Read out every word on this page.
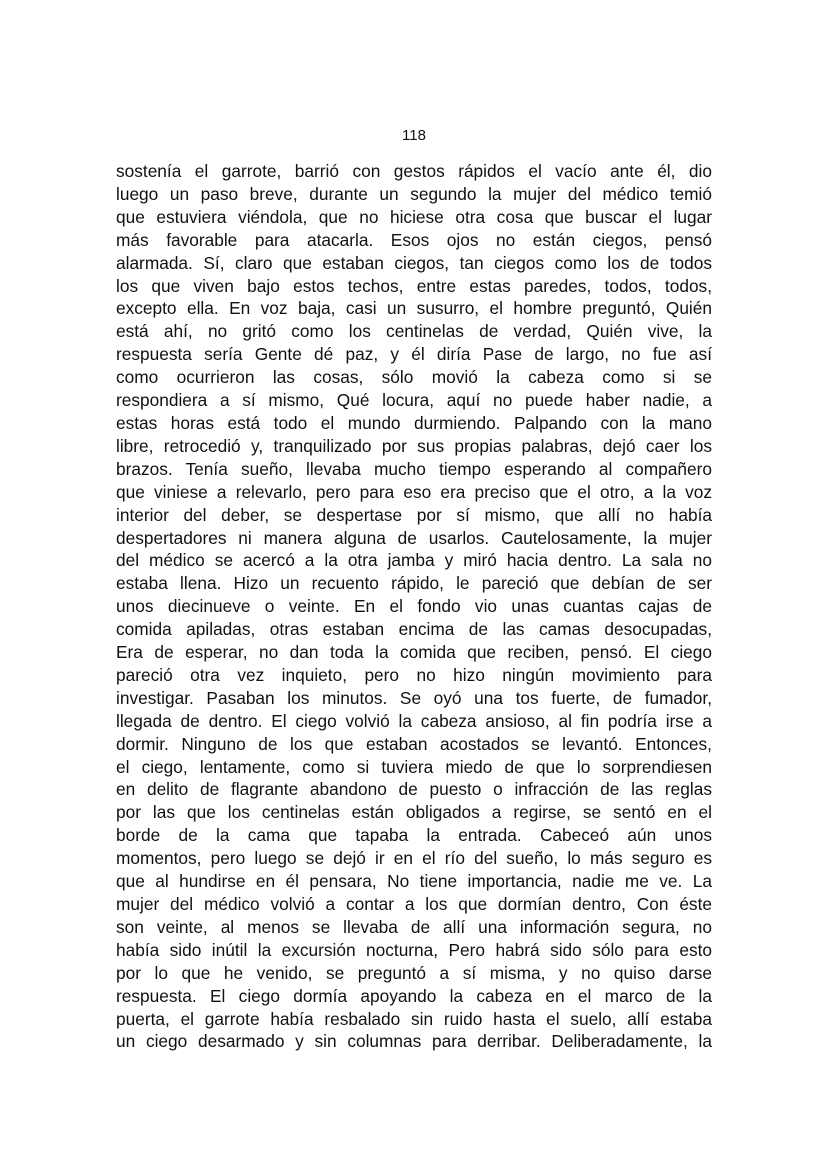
118
sostenía el garrote, barrió con gestos rápidos el vacío ante él, dio
luego un paso breve, durante un segundo la mujer del médico temió
que estuviera viéndola, que no hiciese otra cosa que buscar el lugar
más favorable para atacarla. Esos ojos no están ciegos, pensó
alarmada. Sí, claro que estaban ciegos, tan ciegos como los de todos
los que viven bajo estos techos, entre estas paredes, todos, todos,
excepto ella. En voz baja, casi un susurro, el hombre preguntó, Quién
está ahí, no gritó como los centinelas de verdad, Quién vive, la
respuesta sería Gente dé paz, y él diría Pase de largo, no fue así
como ocurrieron las cosas, sólo movió la cabeza como si se
respondiera a sí mismo, Qué locura, aquí no puede haber nadie, a
estas horas está todo el mundo durmiendo. Palpando con la mano
libre, retrocedió y, tranquilizado por sus propias palabras, dejó caer los
brazos. Tenía sueño, llevaba mucho tiempo esperando al compañero
que viniese a relevarlo, pero para eso era preciso que el otro, a la voz
interior del deber, se despertase por sí mismo, que allí no había
despertadores ni manera alguna de usarlos. Cautelosamente, la mujer
del médico se acercó a la otra jamba y miró hacia dentro. La sala no
estaba llena. Hizo un recuento rápido, le pareció que debían de ser
unos diecinueve o veinte. En el fondo vio unas cuantas cajas de
comida apiladas, otras estaban encima de las camas desocupadas,
Era de esperar, no dan toda la comida que reciben, pensó. El ciego
pareció otra vez inquieto, pero no hizo ningún movimiento para
investigar. Pasaban los minutos. Se oyó una tos fuerte, de fumador,
llegada de dentro. El ciego volvió la cabeza ansioso, al fin podría irse a
dormir. Ninguno de los que estaban acostados se levantó. Entonces,
el ciego, lentamente, como si tuviera miedo de que lo sorprendiesen
en delito de flagrante abandono de puesto o infracción de las reglas
por las que los centinelas están obligados a regirse, se sentó en el
borde de la cama que tapaba la entrada. Cabeceó aún unos
momentos, pero luego se dejó ir en el río del sueño, lo más seguro es
que al hundirse en él pensara, No tiene importancia, nadie me ve. La
mujer del médico volvió a contar a los que dormían dentro, Con éste
son veinte, al menos se llevaba de allí una información segura, no
había sido inútil la excursión nocturna, Pero habrá sido sólo para esto
por lo que he venido, se preguntó a sí misma, y no quiso darse
respuesta. El ciego dormía apoyando la cabeza en el marco de la
puerta, el garrote había resbalado sin ruido hasta el suelo, allí estaba
un ciego desarmado y sin columnas para derribar. Deliberadamente, la
